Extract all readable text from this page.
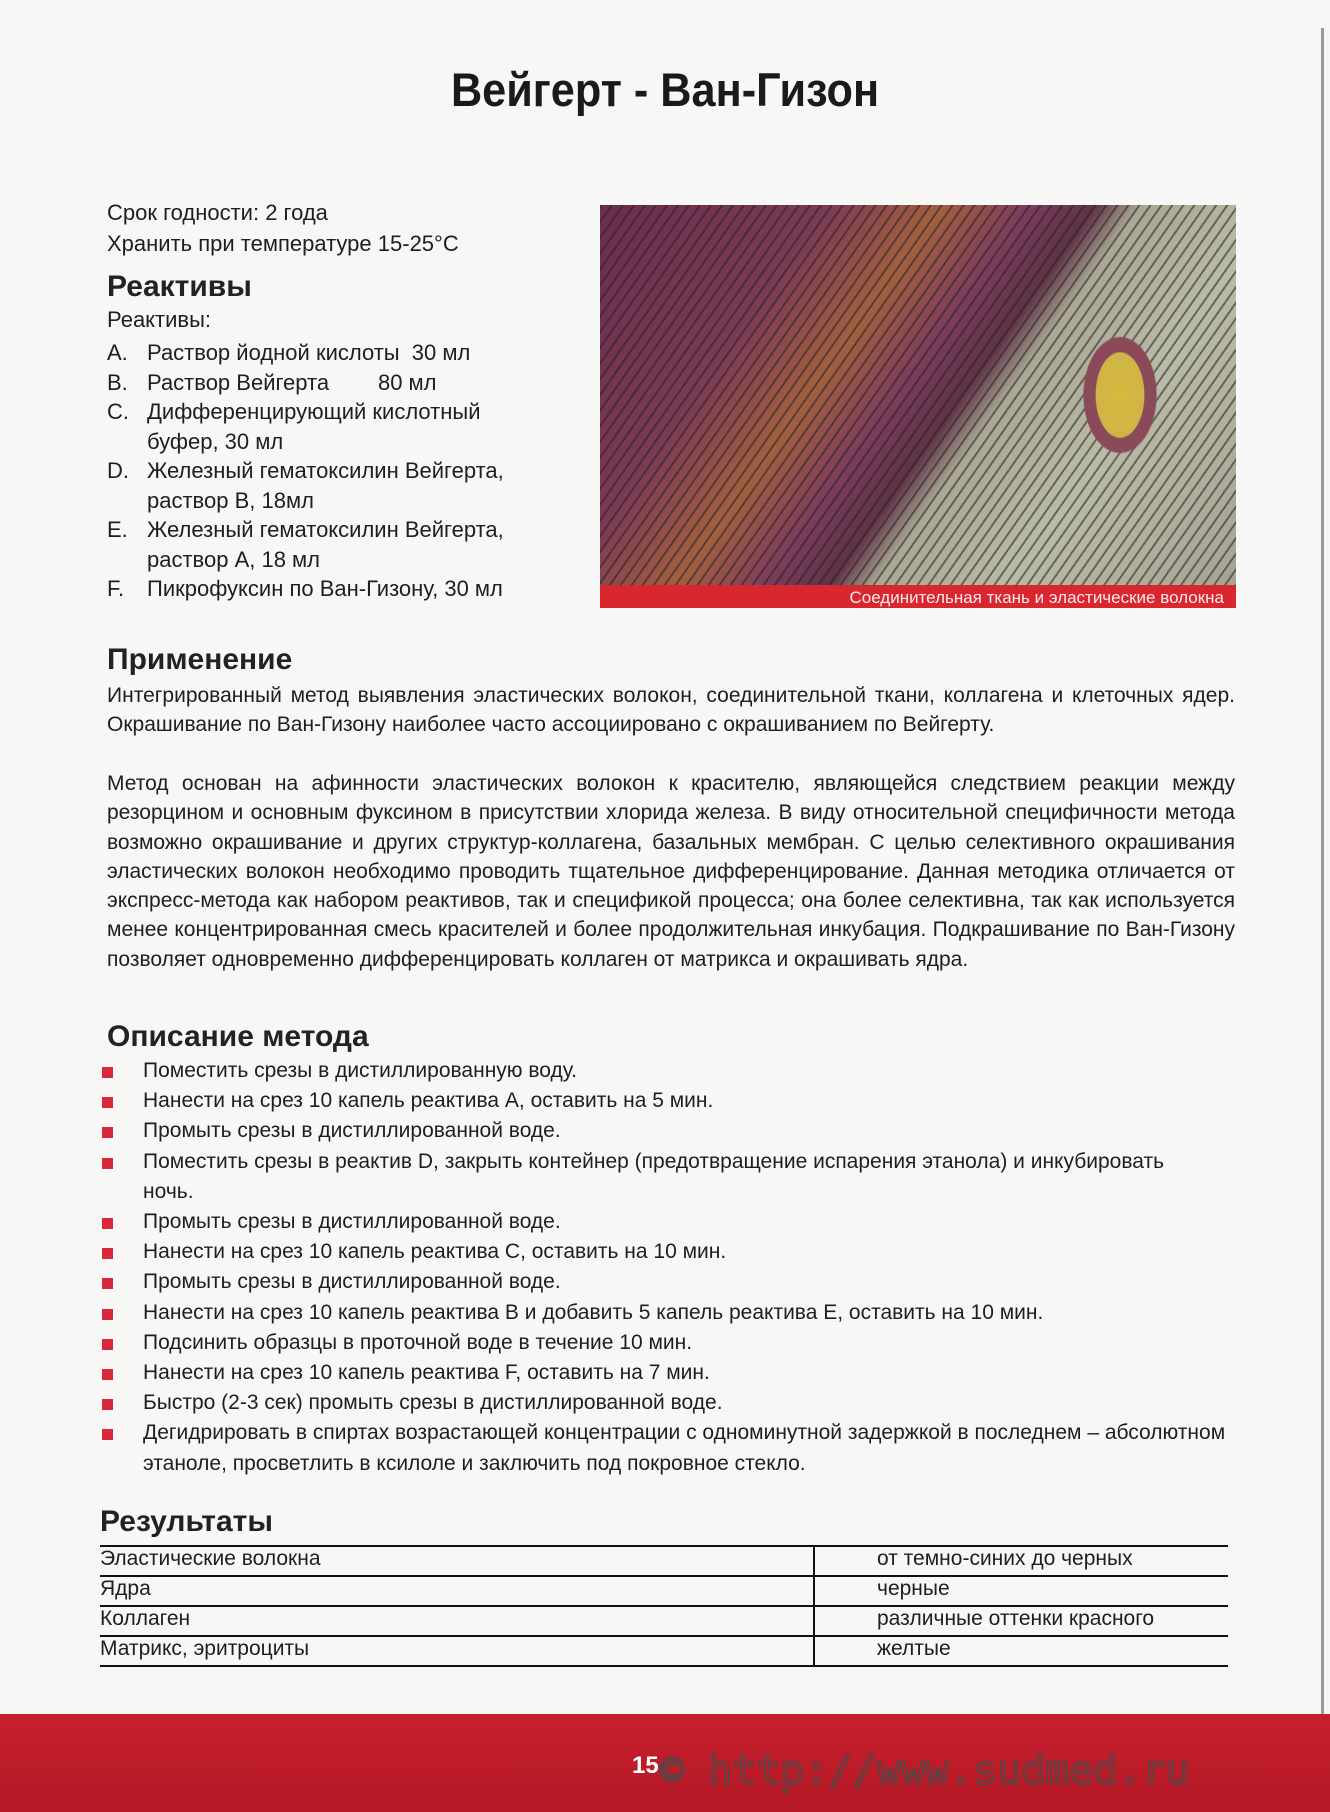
Вейгерт - Ван-Гизон
Срок годности: 2 года
Хранить при температуре 15-25°С
Реактивы
Реактивы:
A. Раствор йодной кислоты  30 мл
B. Раствор Вейгерта        80 мл
C. Дифференцирующий кислотный буфер, 30 мл
D. Железный гематоксилин Вейгерта, раствор В, 18мл
E. Железный гематоксилин Вейгерта, раствор А, 18 мл
F.	Пикрофуксин по Ван-Гизону, 30 мл	Соединительная ткань и эластические волокна
Применение

Интегрированный метод выявления эластических волокон, соединительной ткани, коллагена и клеточных ядер. Окрашивание по Ван-Гизону наиболее часто ассоциировано с окрашиванием по Вейгерту.

Метод основан на афинности эластических волокон к красителю, являющейся следствием реакции между резорцином и основным фуксином в присутствии хлорида железа. В виду относительной специфичности метода возможно окрашивание и других структур-коллагена, базальных мембран. С целью селективного окрашивания эластических волокон необходимо проводить тщательное дифференцирование. Данная методика отличается от экспресс-метода как набором реактивов, так и спецификой процесса; она более селективна, так как используется менее концентрированная смесь красителей и более продолжительная инкубация. Подкрашивание по Ван-Гизону позволяет одновременно дифференцировать коллаген от матрикса и окрашивать ядра.

Описание метода
Поместить срезы в дистиллированную воду.
Нанести на срез 10 капель реактива А, оставить на 5 мин.
Промыть срезы в дистиллированной воде.
Поместить срезы в реактив D, закрыть контейнер (предотвращение испарения этанола) и инкубировать ночь.
Промыть срезы в дистиллированной воде.
Нанести на срез 10 капель реактива С, оставить на 10 мин.
Промыть срезы в дистиллированной воде.
Нанести на срез 10 капель реактива В и добавить 5 капель реактива Е, оставить на 10 мин.
Подсинить образцы в проточной воде в течение 10 мин.
Нанести на срез 10 капель реактива F, оставить на 7 мин.
Быстро (2-3 сек) промыть срезы в дистиллированной воде.
Дегидрировать в спиртах возрастающей концентрации с одноминутной задержкой в последнем – абсолютном этаноле, просветлить в ксилоле и заключить под покровное стекло.
Результаты
Эластические волокна	от темно-синих до черных
Ядра	черные
Коллаген	различные оттенки красного
Матрикс, эритроциты	желтые
15 © http://www.sudmed.ru
